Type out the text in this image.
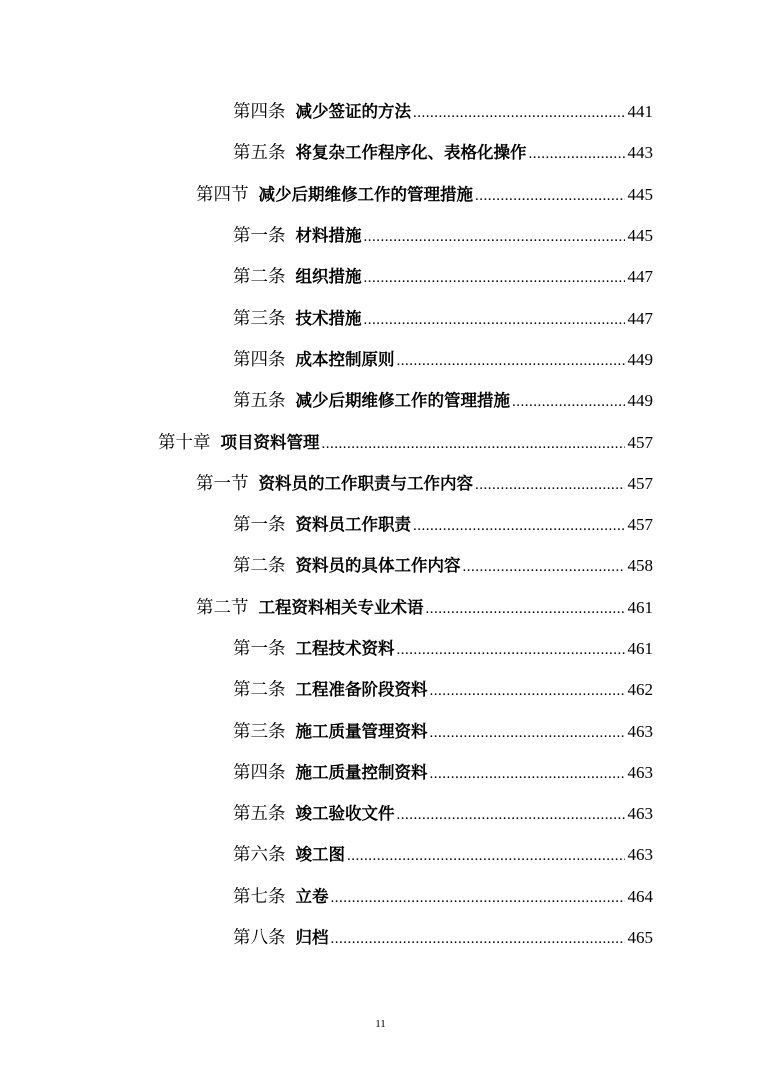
第四条 减少签证的方法 .....	441
第五条 将复杂工作程序化、表格化操作 .....	443
第四节 减少后期维修工作的管理措施 .....	445
第一条 材料措施 .....	445
第二条 组织措施 .....	447
第三条 技术措施 .....	447
第四条 成本控制原则 .....	449
第五条 减少后期维修工作的管理措施 .....	449
第十章 项目资料管理 .....	457
第一节 资料员的工作职责与工作内容 .....	457
第一条 资料员工作职责 .....	457
第二条 资料员的具体工作内容 .....	458
第二节 工程资料相关专业术语 .....	461
第一条 工程技术资料 .....	461
第二条 工程准备阶段资料 .....	462
第三条 施工质量管理资料 .....	463
第四条 施工质量控制资料 .....	463
第五条 竣工验收文件 .....	463
第六条 竣工图 .....	463
第七条 立卷 .....	464
第八条 归档 .....	465
11
